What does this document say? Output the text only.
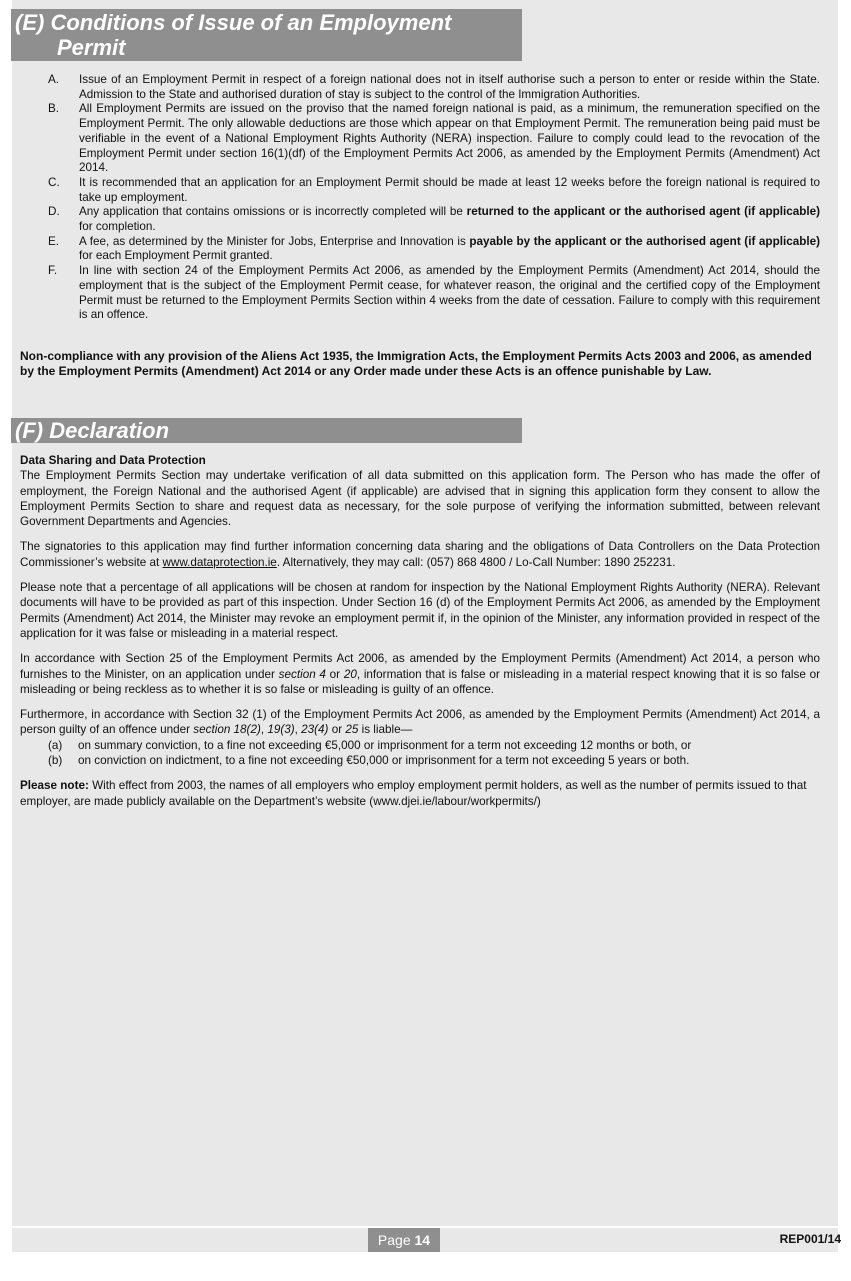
(E) Conditions of Issue of an Employment
Permit
A.	Issue of an Employment Permit in respect of a foreign national does not in itself authorise such a person to enter or reside within the State. Admission to the State and authorised duration of stay is subject to the control of the Immigration Authorities.
B.	All Employment Permits are issued on the proviso that the named foreign national is paid, as a minimum, the remuneration specified on the Employment Permit. The only allowable deductions are those which appear on that Employment Permit. The remuneration being paid must be verifiable in the event of a National Employment Rights Authority (NERA) inspection. Failure to comply could lead to the revocation of the Employment Permit under section 16(1)(df) of the Employment Permits Act 2006, as amended by the Employment Permits (Amendment) Act 2014.
C.	It is recommended that an application for an Employment Permit should be made at least 12 weeks before the foreign national is required to take up employment.
D.	Any application that contains omissions or is incorrectly completed will be returned to the applicant or the authorised agent (if applicable) for completion.
E.	A fee, as determined by the Minister for Jobs, Enterprise and Innovation is payable by the applicant or the authorised agent (if applicable) for each Employment Permit granted.
F.	In line with section 24 of the Employment Permits Act 2006, as amended by the Employment Permits (Amendment) Act 2014, should the employment that is the subject of the Employment Permit cease, for whatever reason, the original and the certified copy of the Employment Permit must be returned to the Employment Permits Section within 4 weeks from the date of cessation. Failure to comply with this requirement is an offence.
Non-compliance with any provision of the Aliens Act 1935, the Immigration Acts, the Employment Permits Acts 2003 and 2006, as amended by the Employment Permits (Amendment) Act 2014 or any Order made under these Acts is an offence punishable by Law.
(F) Declaration

Data Sharing and Data Protection

The Employment Permits Section may undertake verification of all data submitted on this application form. The Person who has made the offer of employment, the Foreign National and the authorised Agent (if applicable) are advised that in signing this application form they consent to allow the Employment Permits Section to share and request data as necessary, for the sole purpose of verifying the information submitted, between relevant Government Departments and Agencies.

The signatories to this application may find further information concerning data sharing and the obligations of Data Controllers on the Data Protection Commissioner’s website at www.dataprotection.ie. Alternatively, they may call: (057) 868 4800 / Lo-Call Number: 1890 252231.

Please note that a percentage of all applications will be chosen at random for inspection by the National Employment Rights Authority (NERA). Relevant documents will have to be provided as part of this inspection. Under Section 16 (d) of the Employment Permits Act 2006, as amended by the Employment Permits (Amendment) Act 2014, the Minister may revoke an employment permit if, in the opinion of the Minister, any information provided in respect of the application for it was false or misleading in a material respect.

In accordance with Section 25 of the Employment Permits Act 2006, as amended by the Employment Permits (Amendment) Act 2014, a person who furnishes to the Minister, on an application under section 4 or 20, information that is false or misleading in a material respect knowing that it is so false or misleading or being reckless as to whether it is so false or misleading is guilty of an offence.

Furthermore, in accordance with Section 32 (1) of the Employment Permits Act 2006, as amended by the Employment Permits (Amendment) Act 2014, a person guilty of an offence under section 18(2), 19(3), 23(4) or 25 is liable—

(a)	on summary conviction, to a fine not exceeding €5,000 or imprisonment for a term not exceeding 12 months or both, or
(b)	on conviction on indictment, to a fine not exceeding €50,000 or imprisonment for a term not exceeding 5 years or both.

Please note: With effect from 2003, the names of all employers who employ employment permit holders, as well as the number of permits issued to that employer, are made publicly available on the Department’s website (www.djei.ie/labour/workpermits/)

Page 14	REP001/14
